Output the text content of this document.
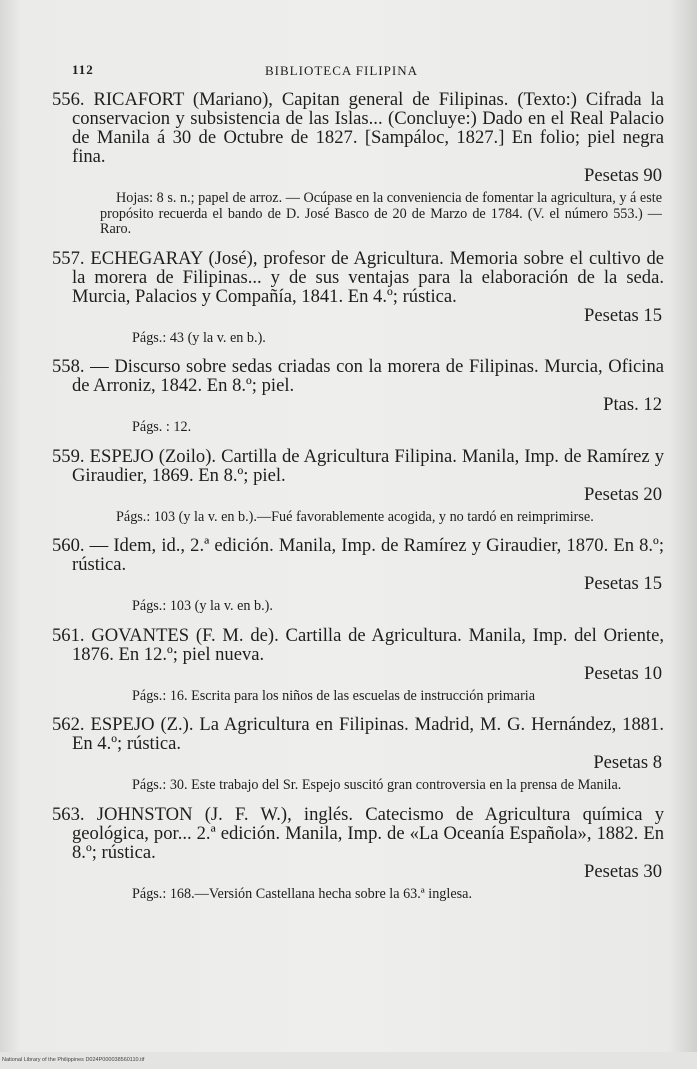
112	BIBLIOTECA FILIPINA
556. RICAFORT (Mariano), Capitan general de Filipinas. (Texto:) Cifrada la conservacion y subsistencia de las Islas... (Concluye:) Dado en el Real Palacio de Manila á 30 de Octubre de 1827. [Sampáloc, 1827.] En folio; piel negra fina.
Pesetas 90
Hojas: 8 s. n.; papel de arroz. — Ocúpase en la conveniencia de fomentar la agricultura, y á este propósito recuerda el bando de D. José Basco de 20 de Marzo de 1784. (V. el número 553.) — Raro.
557. ECHEGARAY (José), profesor de Agricultura. Memoria sobre el cultivo de la morera de Filipinas... y de sus ventajas para la elaboración de la seda. Murcia, Palacios y Compañía, 1841. En 4.º; rústica.
Pesetas 15
Págs.: 43 (y la v. en b.).
558. — Discurso sobre sedas criadas con la morera de Filipinas. Murcia, Oficina de Arroniz, 1842. En 8.º; piel.
Ptas. 12
Págs. : 12.
559. ESPEJO (Zoilo). Cartilla de Agricultura Filipina. Manila, Imp. de Ramírez y Giraudier, 1869. En 8.º; piel.
Pesetas 20
Págs.: 103 (y la v. en b.).—Fué favorablemente acogida, y no tardó en reimprimirse.
560. — Idem, id., 2.ª edición. Manila, Imp. de Ramírez y Giraudier, 1870. En 8.º; rústica.
Pesetas 15
Págs.: 103 (y la v. en b.).
561. GOVANTES (F. M. de). Cartilla de Agricultura. Manila, Imp. del Oriente, 1876. En 12.º; piel nueva.
Pesetas 10
Págs.: 16. Escrita para los niños de las escuelas de instrucción primaria
562. ESPEJO (Z.). La Agricultura en Filipinas. Madrid, M. G. Hernández, 1881. En 4.º; rústica.
Pesetas 8
Págs.: 30. Este trabajo del Sr. Espejo suscitó gran controversia en la prensa de Manila.
563. JOHNSTON (J. F. W.), inglés. Catecismo de Agricultura química y geológica, por... 2.ª edición. Manila, Imp. de «La Oceanía Española», 1882. En 8.º; rústica.
Pesetas 30
Págs.: 168.—Versión Castellana hecha sobre la 63.ª inglesa.
National Library of the Philippines D024P000038560110.tif
